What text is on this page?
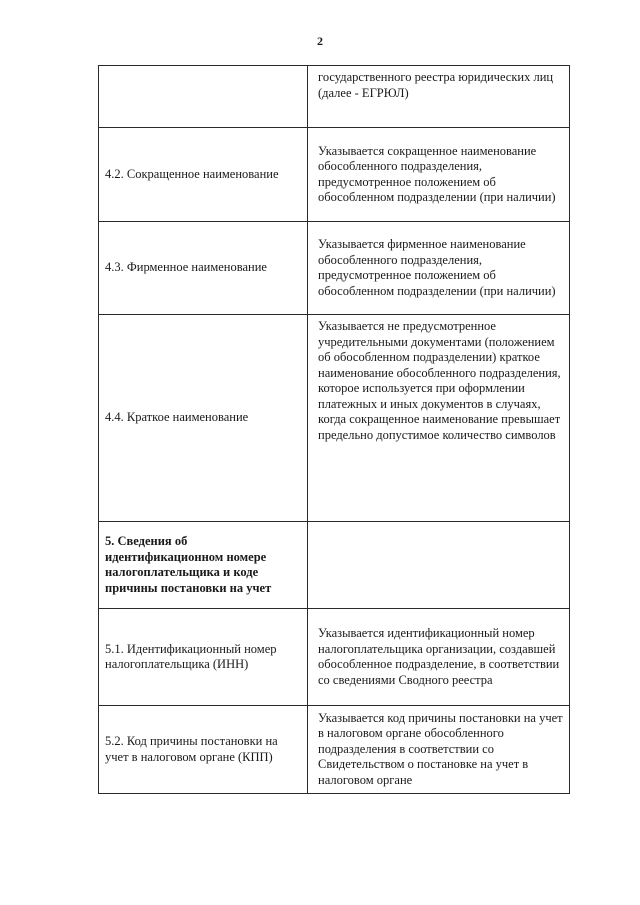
2
	государственного реестра юридических лиц (далее - ЕГРЮЛ)
4.2. Сокращенное наименование	Указывается сокращенное наименование обособленного подразделения, предусмотренное положением об обособленном подразделении (при наличии)
4.3. Фирменное наименование	Указывается фирменное наименование обособленного подразделения, предусмотренное положением об обособленном подразделении (при наличии)
4.4. Краткое наименование	Указывается не предусмотренное учредительными документами (положением об обособленном подразделении) краткое наименование обособленного подразделения, которое используется при оформлении платежных и иных документов в случаях, когда сокращенное наименование превышает предельно допустимое количество символов
5. Сведения об идентификационном номере налогоплательщика и коде причины постановки на учет	
5.1. Идентификационный номер налогоплательщика (ИНН)	Указывается идентификационный номер налогоплательщика организации, создавшей обособленное подразделение, в соответствии со сведениями Сводного реестра
5.2. Код причины постановки на учет в налоговом органе (КПП)	Указывается код причины постановки на учет в налоговом органе обособленного подразделения в соответствии со Свидетельством о постановке на учет в налоговом органе
